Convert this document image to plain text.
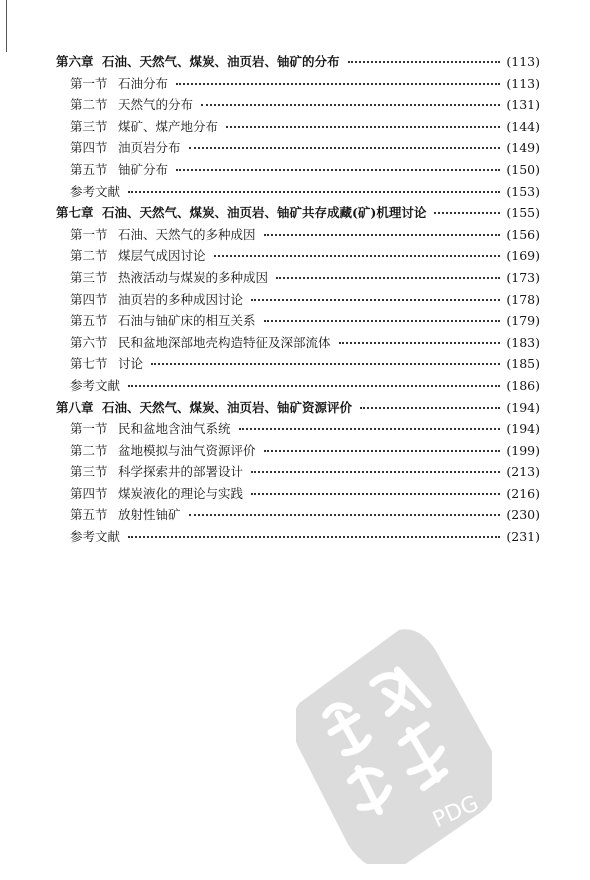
第六章 石油、天然气、煤炭、油页岩、铀矿的分布	(113)
第一节 石油分布	(113)
第二节 天然气的分布	(131)
第三节 煤矿、煤产地分布	(144)
第四节 油页岩分布	(149)
第五节 铀矿分布	(150)
参考文献	(153)
第七章 石油、天然气、煤炭、油页岩、铀矿共存成藏(矿)机理讨论	(155)
第一节 石油、天然气的多种成因	(156)
第二节 煤层气成因讨论	(169)
第三节 热液活动与煤炭的多种成因	(173)
第四节 油页岩的多种成因讨论	(178)
第五节 石油与铀矿床的相互关系	(179)
第六节 民和盆地深部地壳构造特征及深部流体	(183)
第七节 讨论	(185)
参考文献	(186)
第八章 石油、天然气、煤炭、油页岩、铀矿资源评价	(194)
第一节 民和盆地含油气系统	(194)
第二节 盆地模拟与油气资源评价	(199)
第三节 科学探索井的部署设计	(213)
第四节 煤炭液化的理论与实践	(216)
第五节 放射性铀矿	(230)
参考文献	(231)
PDG
